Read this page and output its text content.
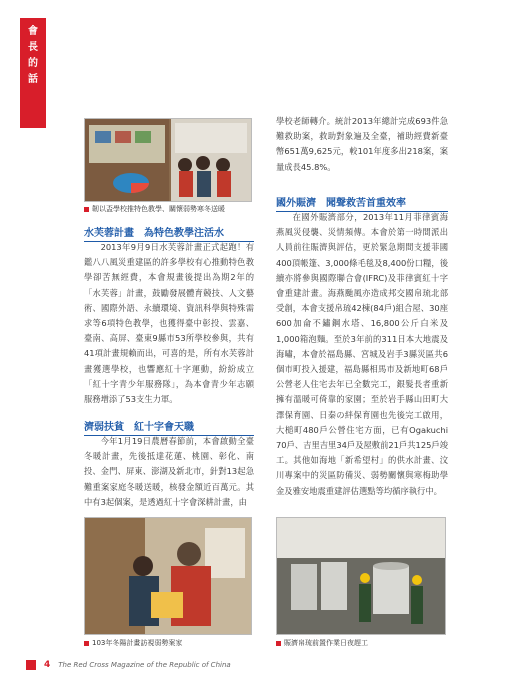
會
長
的
話
韌以盃學校推特色教學、關懷弱勢寒冬送暖
水芙蓉計畫　為特色教學注活水

2013年9月9日水芙蓉計畫正式起跑！有鑑八八風災重建區的許多學校有心推動特色教學卻苦無經費，本會規畫後提出為期2年的「水芙蓉」計畫，鼓勵發展體育競技、人文藝術、國際外語、永續環境、資訊科學與特殊需求等6項特色教學，也獲得臺中彰投、雲嘉、臺南、高屏、臺東9縣市53所學校參與，共有41項計畫規賴而出，可喜的是，所有水芙蓉計畫獲選學校，也響應紅十字運動，紛紛成立「紅十字青少年服務隊」，為本會青少年志願服務增添了53支生力軍。

濟弱扶貧　紅十字會天職

今年1月19日農曆春節前，本會啟動全臺冬暖計畫，先後抵達花蓮、桃園、彰化、南投、金門、屏東、澎湖及新北市，針對13起急難重案家庭冬暖送暖，核發金額近百萬元。其中有3起個案，是透過紅十字會深耕計畫，由

103年冬陽計畫訪視弱勢案家

學校老師轉介。統計2013年總計完成693件急難救助案，救助對象遍及全臺，補助經費新臺幣651萬9,625元，較101年度多出218案，案量成長45.8%。

國外賑濟　聞聲救苦首重效率

在國外賑濟部分，2013年11月菲律賓海燕風災侵襲、災情頻傳。本會於第一時間派出人員前往賑濟與評估，更於緊急期間支援菲國400頂帳篷、3,000條毛毯及8,400份口糧，後續亦將參與國際聯合會(IFRC)及菲律賓紅十字會重建計畫。海燕颱風亦造成邦交國帛琉北部受創，本會支援帛琉42棟(84戶)組合屋、30座600加侖不鏽鋼水塔、16,800公斤白米及1,000箱泡麵。至於3年前的311日本大地震及海嘯，本會於福島縣、宮城及岩手3縣災區共6個市町投入援建，福島縣相馬市及新地町68戶公營老人住宅去年已全數完工，銀髮長者重新擁有溫暖可倚靠的家園；至於岩手縣山田町大澤保育園、日秦の絆保育園也先後完工啟用，大槌町480戶公營住宅方面，已有Ogakuchi 70戶、吉里吉里34戶及屋敷前21戶共125戶竣工。其他如海地「新希望村」的供水計畫、汶川專案中的災區防備災、弱勢關懷與寒梅助學金及雅安地震重建評估選點等均循序執行中。

賑濟帛琉前置作業日夜趕工
4 The Red Cross Magazine of the Republic of China
